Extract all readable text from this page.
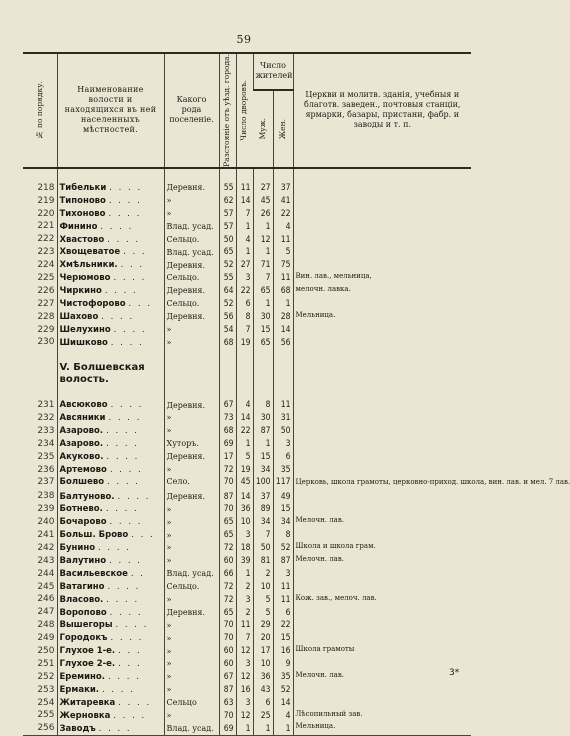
59
№ по порядку.	Наименование волости и находящихся въ ней населенныхъ мѣстностей.	Какого рода поселеніе.	Разстояніе отъ уѣзд. города.	Число дворовъ.	Число жителей		Церкви и молитв. зданія, учебныя и благотв. заведен., почтовыя станціи, ярмарки, базары, пристани, фабр. и заводы и т. п.

					Муж.	Жен.	

218	Тибельки . . . .	Деревня.	55	11	27	37	
219	Типоново . . . .	»	62	14	45	41	
220	Тихоново . . . .	»	57	7	26	22	
221	Финино . . . .	Влад. усад.	57	1	1	4	
222	Хвастово . . . .	Сельцо.	50	4	12	11	
223	Хвощеватое . . .	Влад. усад.	65	1	1	5	
224	Хмѣльники. . . .	Деревня.	52	27	71	75	
225	Черюмово . . . .	Сельцо.	55	3	7	11	Вин. лав., мельница,
226	Чиркино . . . .	Деревня.	64	22	65	68	мелочн. лавка.
227	Чистофорово . . .	Сельцо.	52	6	1	1	
228	Шахово . . . .	Деревня.	56	8	30	28	Мельница.
229	Шелухино . . . .	»	54	7	15	14	
230	Шишково . . . .	»	68	19	65	56	

	V. Болшевская
волость.						

231	Авсюково . . . .	Деревня.	67	4	8	11	
232	Авсяники . . . .	»	73	14	30	31	
233	Азарово. . . . .	»	68	22	87	50	
234	Азарово. . . . .	Хуторъ.	69	1	1	3	
235	Акуково. . . . .	Деревня.	17	5	15	6	
236	Артемово . . . .	»	72	19	34	35	
237	Болшево . . . .	Село.	70	45	100	117	Церковь, школа грамоты, церковно-приход. школа, вин. лав. и мел. 7 лав.
238	Балтуново. . . . .	Деревня.	87	14	37	49	
239	Ботнево. . . . .	»	70	36	89	15	
240	Бочарово . . . .	»	65	10	34	34	Мелочн. лав.
241	Больш. Брово . . .	»	65	3	7	8	
242	Бунино . . . .	»	72	18	50	52	Школа и школа грам.
243	Валутино . . . .	»	60	39	81	87	Мелочн. лав.
244	Васильевское . .	Влад. усад.	66	1	2	3	
245	Ватагино . . . .	Сельцо.	72	2	10	11	
246	Власово. . . . .	»	72	3	5	11	Кож. зав., мелоч. лав.
247	Воропово . . . .	Деревня.	65	2	5	6	
248	Вышегоры . . . .	»	70	11	29	22	
249	Городокъ . . . .	»	70	7	20	15	
250	Глухое 1-е. . . .	»	60	12	17	16	Школа грамоты
251	Глухое 2-е. . . .	»	60	3	10	9	
252	Еремино. . . . .	»	67	12	36	35	Мелочн. лав.
253	Ермаки. . . . .	»	87	16	43	52	
254	Житаревка . . . .	Сельцо	63	3	6	14	
255	Жерновка . . . .	»	70	12	25	4	Лѣсопильный зав.
256	Заводъ . . . .	Влад. усад.	69	1	1	1	Мельница.
3*
